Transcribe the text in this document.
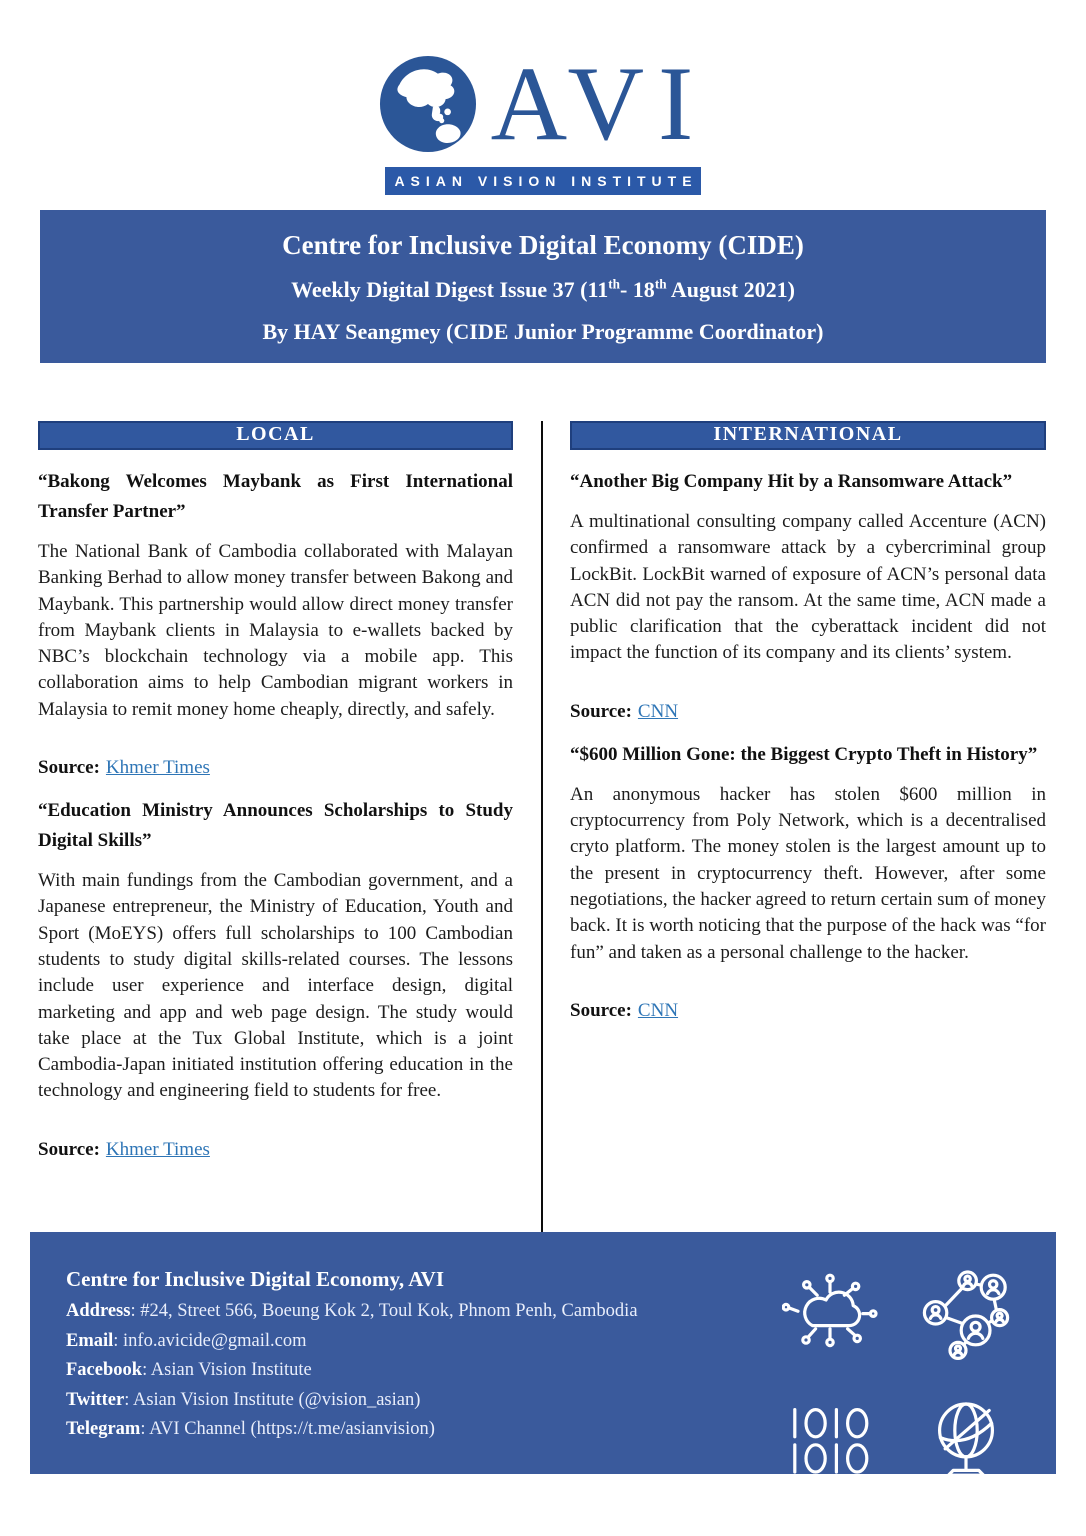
AVI
ASIAN VISION INSTITUTE
Centre for Inclusive Digital Economy (CIDE)
Weekly Digital Digest Issue 37 (11th- 18th August 2021)
By HAY Seangmey (CIDE Junior Programme Coordinator)
LOCAL

“Bakong Welcomes Maybank as First International Transfer Partner”

The National Bank of Cambodia collaborated with Malayan Banking Berhad to allow money transfer between Bakong and Maybank. This partnership would allow direct money transfer from Maybank clients in Malaysia to e-wallets backed by NBC’s blockchain technology via a mobile app. This collaboration aims to help Cambodian migrant workers in Malaysia to remit money home cheaply, directly, and safely.

Source: Khmer Times

“Education Ministry Announces Scholarships to Study Digital Skills”

With main fundings from the Cambodian government, and a Japanese entrepreneur, the Ministry of Education, Youth and Sport (MoEYS) offers full scholarships to 100 Cambodian students to study digital skills-related courses. The lessons include user experience and interface design, digital marketing and app and web page design. The study would take place at the Tux Global Institute, which is a joint Cambodia-Japan initiated institution offering education in the technology and engineering field to students for free.

Source: Khmer Times

INTERNATIONAL

“Another Big Company Hit by a Ransomware Attack”

A multinational consulting company called Accenture (ACN) confirmed a ransomware attack by a cybercriminal group LockBit. LockBit warned of exposure of ACN’s personal data ACN did not pay the ransom. At the same time, ACN made a public clarification that the cyberattack incident did not impact the function of its company and its clients’ system.

Source: CNN

“$600 Million Gone: the Biggest Crypto Theft in History”

An anonymous hacker has stolen $600 million in cryptocurrency from Poly Network, which is a decentralised cryto platform. The money stolen is the largest amount up to the present in cryptocurrency theft. However, after some negotiations, the hacker agreed to return certain sum of money back. It is worth noticing that the purpose of the hack was “for fun” and taken as a personal challenge to the hacker.

Source: CNN

Centre for Inclusive Digital Economy, AVI
Address: #24, Street 566, Boeung Kok 2, Toul Kok, Phnom Penh, Cambodia
Email: info.avicide@gmail.com
Facebook: Asian Vision Institute
Twitter: Asian Vision Institute (@vision_asian)
Telegram: AVI Channel (https://t.me/asianvision)
